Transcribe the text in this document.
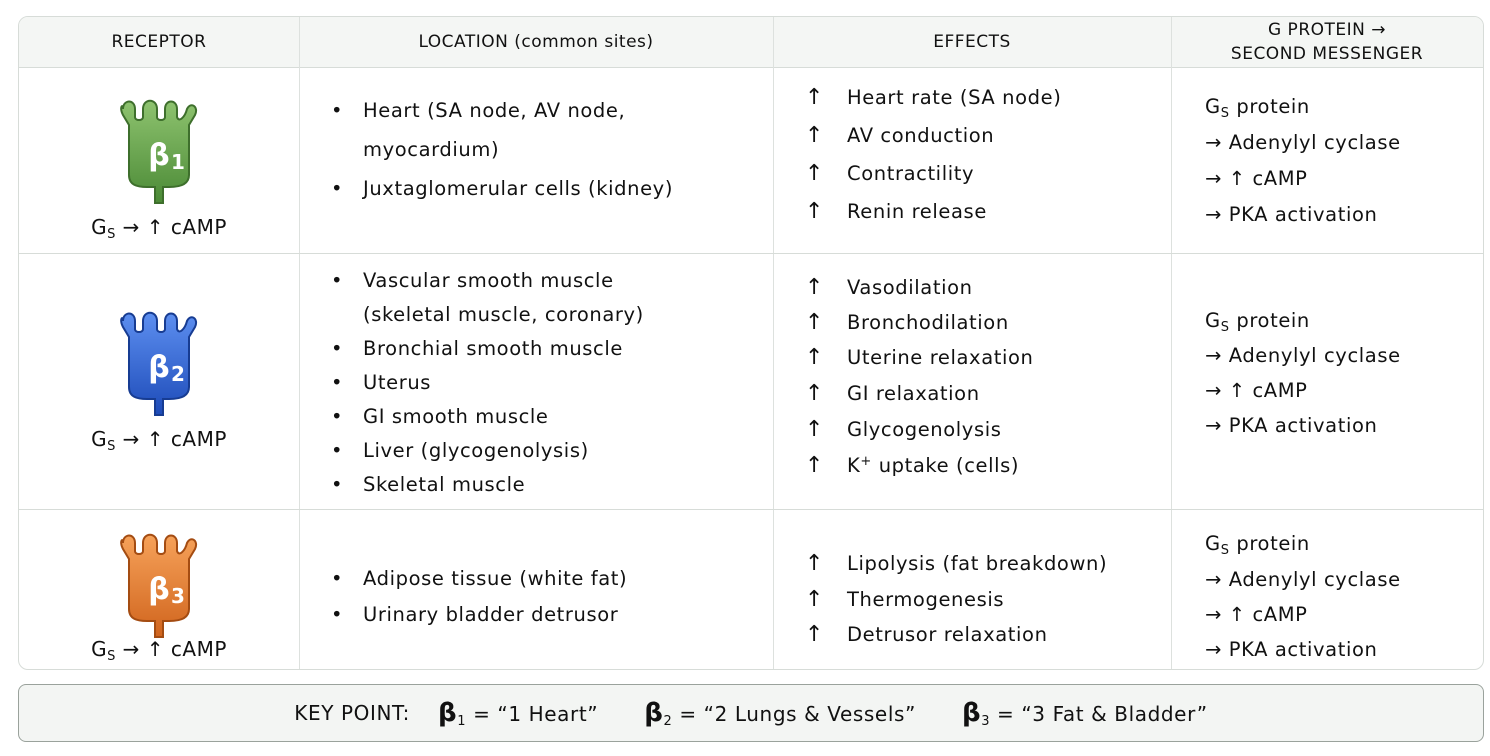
RECEPTOR	LOCATION (common sites)	EFFECTS
G PROTEIN →
SECOND MESSENGER
β 1
$G_S$ → ↑ cAMP
• Heart (SA node, AV node,
myocardium)
• Juxtaglomerular cells (kidney)
↑ Heart rate (SA node)
↑ AV conduction
↑ Contractility
↑ Renin release
$G_S$ protein
→ Adenylyl cyclase
→ ↑ cAMP
→ PKA activation
β 2
$G_S$ → ↑ cAMP
• Vascular smooth muscle
(skeletal muscle, coronary)
• Bronchial smooth muscle
• Uterus
• GI smooth muscle
• Liver (glycogenolysis)
• Skeletal muscle
↑ Vasodilation
↑ Bronchodilation
↑ Uterine relaxation
↑ GI relaxation
↑ Glycogenolysis
↑ K+ uptake (cells)
$G_S$ protein
→ Adenylyl cyclase
→ ↑ cAMP
→ PKA activation
β 3
$G_S$ → ↑ cAMP
• Adipose tissue (white fat)
• Urinary bladder detrusor
↑ Lipolysis (fat breakdown)
↑ Thermogenesis
↑ Detrusor relaxation
$G_S$ protein
→ Adenylyl cyclase
→ ↑ cAMP
→ PKA activation
KEY POINT: $\beta_1$ = “1 Heart” $\beta_2$ = “2 Lungs & Vessels” $\beta_3$ = “3 Fat & Bladder”
